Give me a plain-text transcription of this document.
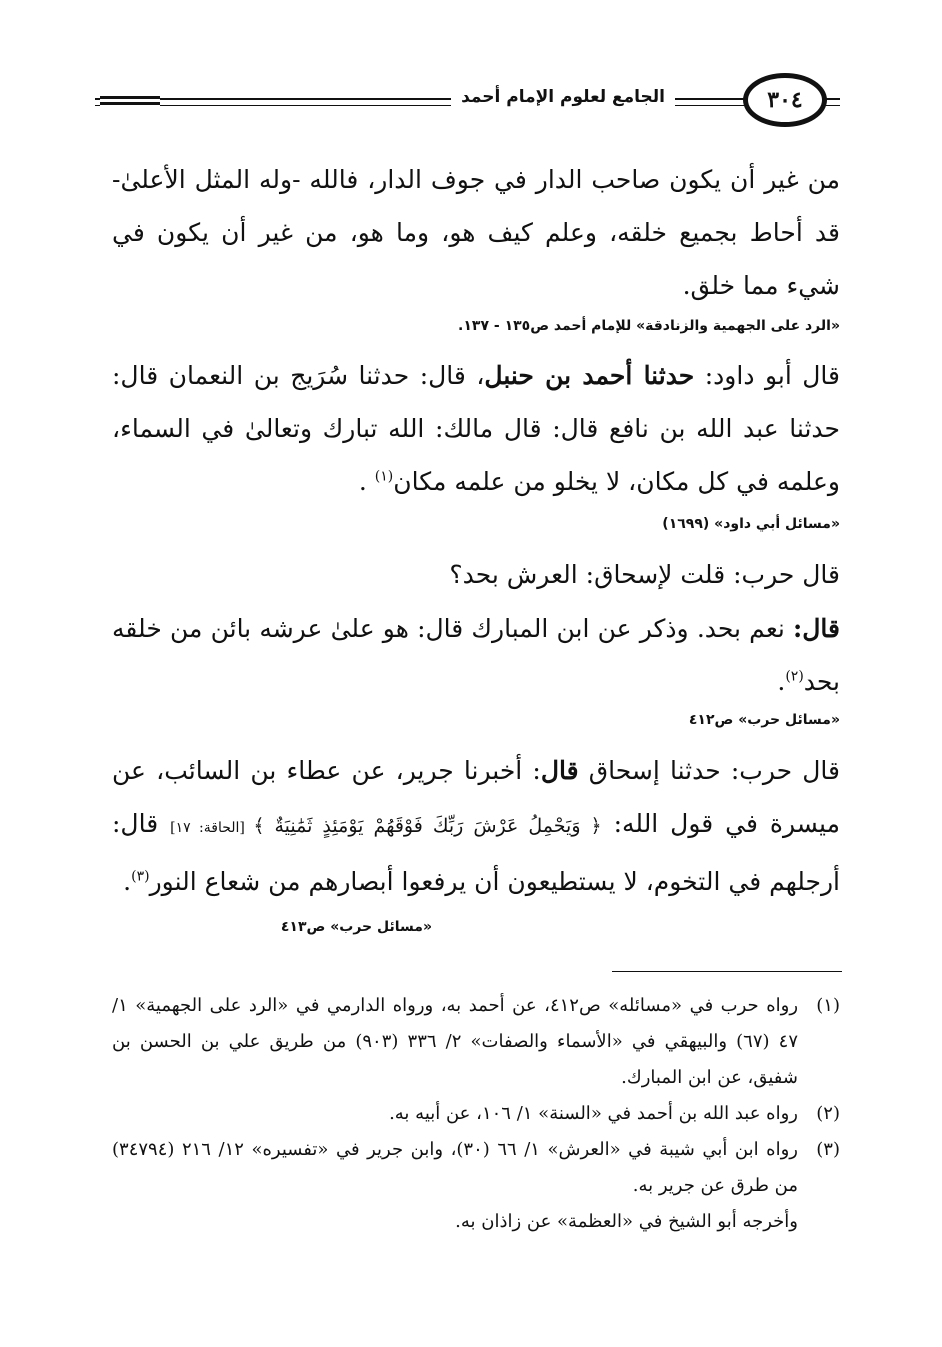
الجامع لعلوم الإمام أحمد	٣٠٤

من غير أن يكون صاحب الدار في جوف الدار، فالله -وله المثل الأعلىٰ- قد أحاط بجميع خلقه، وعلم كيف هو، وما هو، من غير أن يكون في شيء مما خلق.

«الرد على الجهمية والزنادقة» للإمام أحمد ص١٣٥ - ١٣٧.

قال أبو داود: حدثنا أحمد بن حنبل، قال: حدثنا سُرَيج بن النعمان قال: حدثنا عبد الله بن نافع قال: قال مالك: الله تبارك وتعالىٰ في السماء، وعلمه في كل مكان، لا يخلو من علمه مكان$^{(١)}$ .

«مسائل أبي داود» (١٦٩٩)

قال حرب: قلت لإسحاق: العرش بحد؟

قال: نعم بحد. وذكر عن ابن المبارك قال: هو علىٰ عرشه بائن من خلقه بحد$^{(٢)}$.

«مسائل حرب» ص٤١٢

قال حرب: حدثنا إسحاق قال: أخبرنا جرير، عن عطاء بن السائب، عن ميسرة في قول الله: ﴿ وَيَحْمِلُ عَرْشَ رَبِّكَ فَوْقَهُمْ يَوْمَئِذٍ ثَمَٰنِيَةٌ ﴾ [الحاقة: ١٧] قال: أرجلهم في التخوم، لا يستطيعون أن يرفعوا أبصارهم من شعاع النور$^{(٣)}$.

«مسائل حرب» ص٤١٣

(١)
رواه حرب في «مسائله» ص٤١٢، عن أحمد به، ورواه الدارمي في «الرد على الجهمية» ١/ ٤٧ (٦٧) والبيهقي في «الأسماء والصفات» ٢/ ٣٣٦ (٩٠٣) من طريق علي بن الحسن بن شفيق، عن ابن المبارك.
(٢)
رواه عبد الله بن أحمد في «السنة» ١/ ١٠٦، عن أبيه به.
(٣)
رواه ابن أبي شيبة في «العرش» ١/ ٦٦ (٣٠)، وابن جرير في «تفسيره» ١٢/ ٢١٦ (٣٤٧٩٤) من طرق عن جرير به.
وأخرجه أبو الشيخ في «العظمة» عن زاذان به.
